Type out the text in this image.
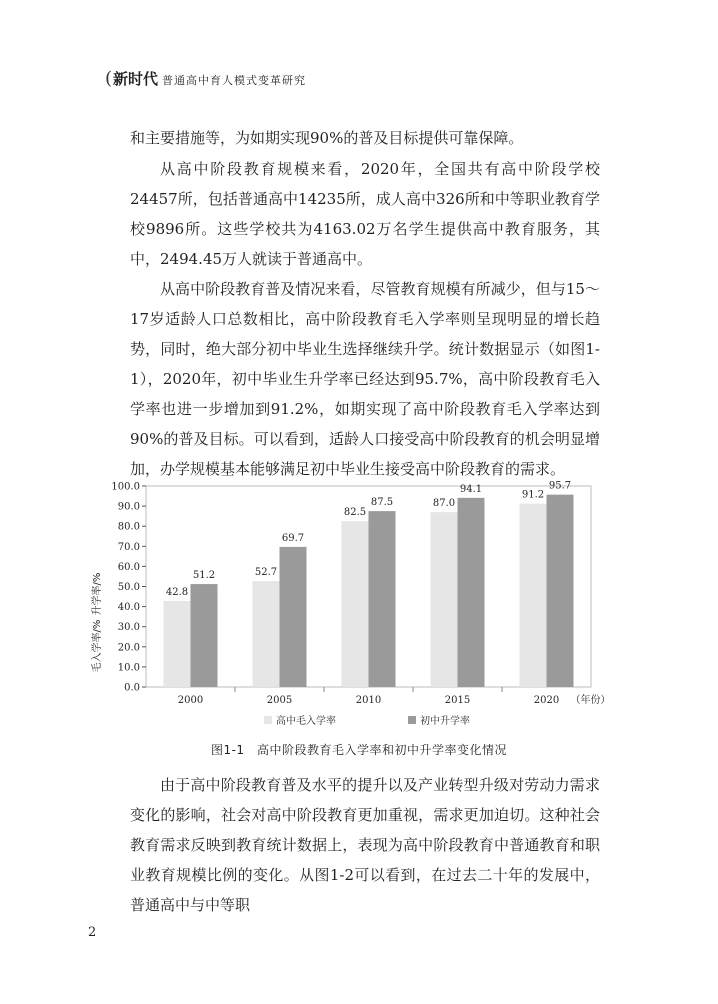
( 新时代 普通高中育人模式变革研究

和主要措施等，为如期实现90%的普及目标提供可靠保障。

从高中阶段教育规模来看，2020年，全国共有高中阶段学校24457所，包括普通高中14235所，成人高中326所和中等职业教育学校9896所。这些学校共为4163.02万名学生提供高中教育服务，其中，2494.45万人就读于普通高中。

从高中阶段教育普及情况来看，尽管教育规模有所减少，但与15～17岁适龄人口总数相比，高中阶段教育毛入学率则呈现明显的增长趋势，同时，绝大部分初中毕业生选择继续升学。统计数据显示（如图1-1），2020年，初中毕业生升学率已经达到95.7%，高中阶段教育毛入学率也进一步增加到91.2%，如期实现了高中阶段教育毛入学率达到90%的普及目标。可以看到，适龄人口接受高中阶段教育的机会明显增加，办学规模基本能够满足初中毕业生接受高中阶段教育的需求。

0.0
10.0
20.0
30.0
40.0
50.0
60.0
70.0
80.0
90.0
100.0
42.8
51.2
2000
52.7
69.7
2005
82.5
87.5
2010
87.0
94.1
2015
91.2
95.7
2020 （年份）
升学率/%
毛入学率/%
高中毛入学率	初中升学率
图1-1　高中阶段教育毛入学率和初中升学率变化情况

由于高中阶段教育普及水平的提升以及产业转型升级对劳动力需求变化的影响，社会对高中阶段教育更加重视，需求更加迫切。这种社会教育需求反映到教育统计数据上，表现为高中阶段教育中普通教育和职业教育规模比例的变化。从图1-2可以看到，在过去二十年的发展中，普通高中与中等职

2
